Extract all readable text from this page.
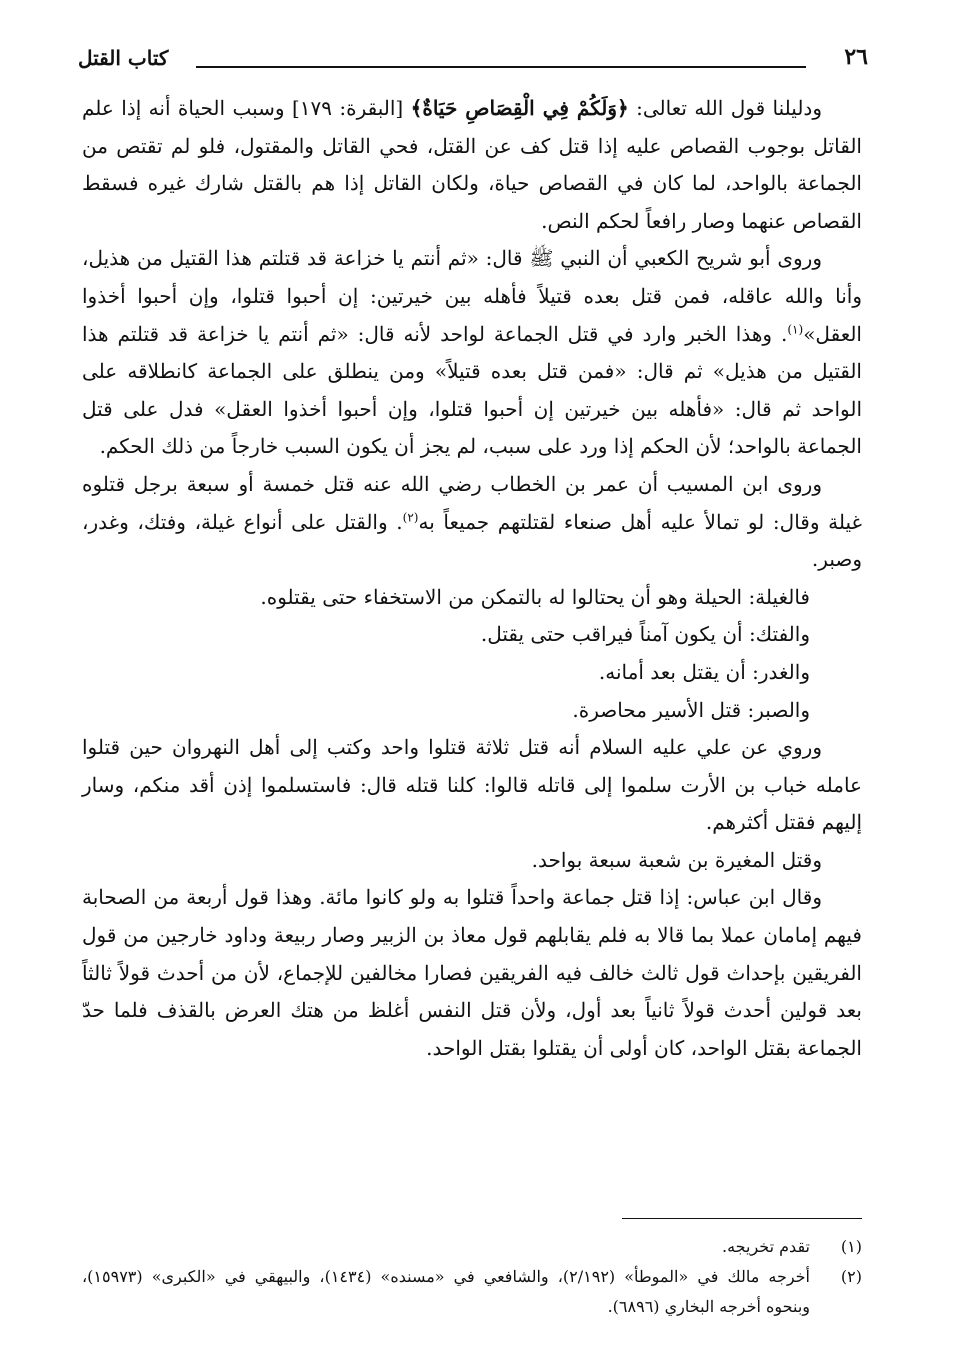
٢٦
كتاب القتل

ودليلنا قول الله تعالى: ﴿وَلَكُمْ فِي الْقِصَاصِ حَيَاةٌ﴾ [البقرة: ١٧٩] وسبب الحياة أنه إذا علم القاتل بوجوب القصاص عليه إذا قتل كف عن القتل، فحي القاتل والمقتول، فلو لم تقتص من الجماعة بالواحد، لما كان في القصاص حياة، ولكان القاتل إذا هم بالقتل شارك غيره فسقط القصاص عنهما وصار رافعاً لحكم النص.

وروى أبو شريح الكعبي أن النبي ﷺ قال: «ثم أنتم يا خزاعة قد قتلتم هذا القتيل من هذيل، وأنا والله عاقله، فمن قتل بعده قتيلاً فأهله بين خيرتين: إن أحبوا قتلوا، وإن أحبوا أخذوا العقل»$^{(١)}$. وهذا الخبر وارد في قتل الجماعة لواحد لأنه قال: «ثم أنتم يا خزاعة قد قتلتم هذا القتيل من هذيل» ثم قال: «فمن قتل بعده قتيلاً» ومن ينطلق على الجماعة كانطلاقه على الواحد ثم قال: «فأهله بين خيرتين إن أحبوا قتلوا، وإن أحبوا أخذوا العقل» فدل على قتل الجماعة بالواحد؛ لأن الحكم إذا ورد على سبب، لم يجز أن يكون السبب خارجاً من ذلك الحكم.

وروى ابن المسيب أن عمر بن الخطاب رضي الله عنه قتل خمسة أو سبعة برجل قتلوه غيلة وقال: لو تمالأ عليه أهل صنعاء لقتلتهم جميعاً به$^{(٢)}$. والقتل على أنواع غيلة، وفتك، وغدر، وصبر.

فالغيلة: الحيلة وهو أن يحتالوا له بالتمكن من الاستخفاء حتى يقتلوه.

والفتك: أن يكون آمناً فيراقب حتى يقتل.

والغدر: أن يقتل بعد أمانه.

والصبر: قتل الأسير محاصرة.

وروي عن علي عليه السلام أنه قتل ثلاثة قتلوا واحد وكتب إلى أهل النهروان حين قتلوا عامله خباب بن الأرت سلموا إلى قاتله قالوا: كلنا قتله قال: فاستسلموا إذن أقد منكم، وسار إليهم فقتل أكثرهم.

وقتل المغيرة بن شعبة سبعة بواحد.

وقال ابن عباس: إذا قتل جماعة واحداً قتلوا به ولو كانوا مائة. وهذا قول أربعة من الصحابة فيهم إمامان عملا بما قالا به فلم يقابلهم قول معاذ بن الزبير وصار ربيعة وداود خارجين من قول الفريقين بإحداث قول ثالث خالف فيه الفريقين فصارا مخالفين للإجماع، لأن من أحدث قولاً ثالثاً بعد قولين أحدث قولاً ثانياً بعد أول، ولأن قتل النفس أغلظ من هتك العرض بالقذف فلما حدّ الجماعة بقتل الواحد، كان أولى أن يقتلوا بقتل الواحد.

(١)
تقدم تخريجه.
(٢)
أخرجه مالك في «الموطأ» (٢/١٩٢)، والشافعي في «مسنده» (١٤٣٤)، والبيهقي في «الكبرى» (١٥٩٧٣)، وبنحوه أخرجه البخاري (٦٨٩٦).
